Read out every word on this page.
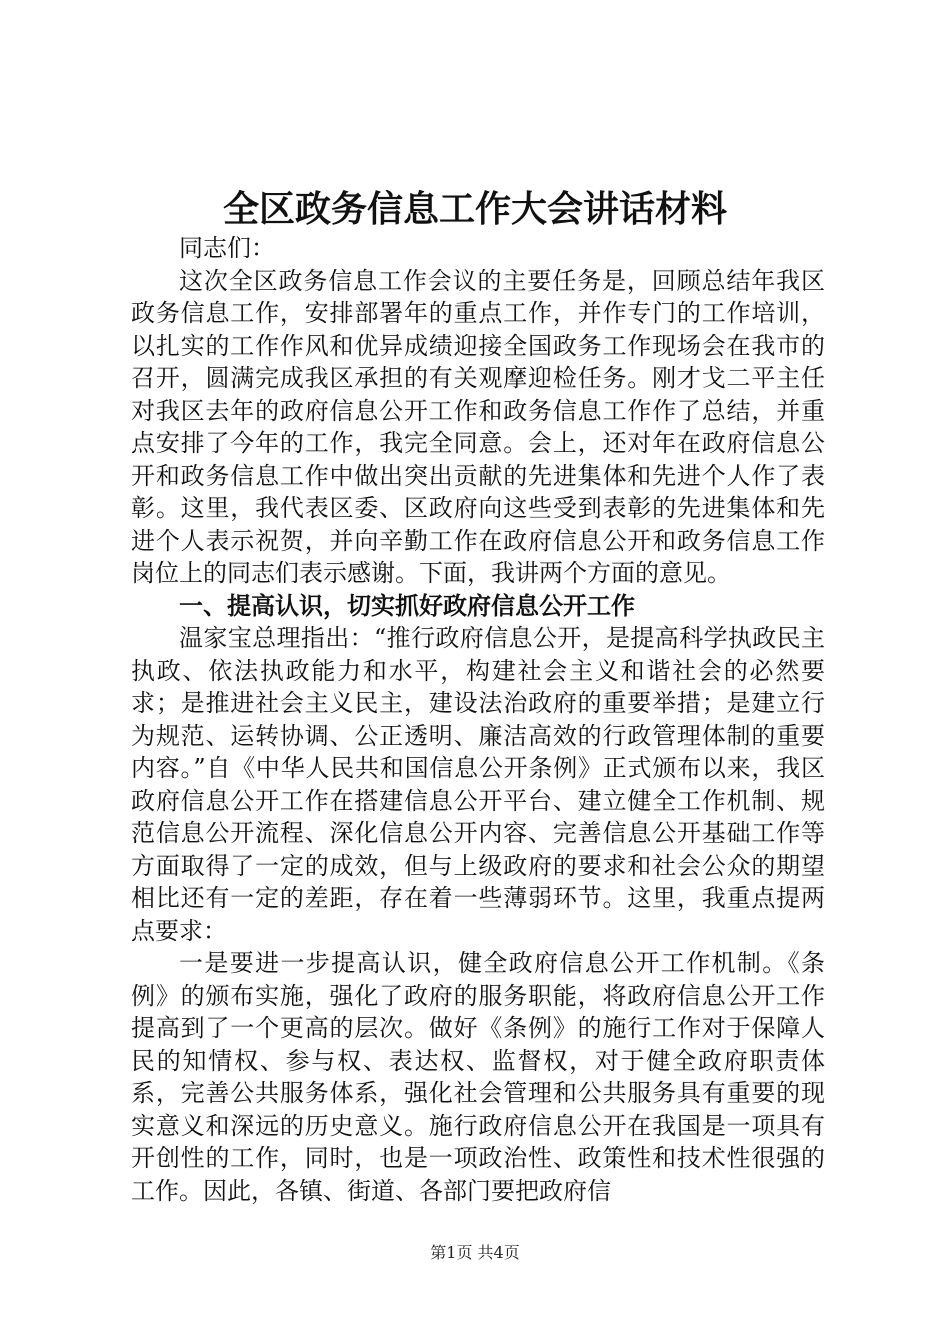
全区政务信息工作大会讲话材料

同志们：

这次全区政务信息工作会议的主要任务是，回顾总结年我区政务信息工作，安排部署年的重点工作，并作专门的工作培训，以扎实的工作作风和优异成绩迎接全国政务工作现场会在我市的召开，圆满完成我区承担的有关观摩迎检任务。刚才戈二平主任对我区去年的政府信息公开工作和政务信息工作作了总结，并重点安排了今年的工作，我完全同意。会上，还对年在政府信息公开和政务信息工作中做出突出贡献的先进集体和先进个人作了表彰。这里，我代表区委、区政府向这些受到表彰的先进集体和先进个人表示祝贺，并向辛勤工作在政府信息公开和政务信息工作岗位上的同志们表示感谢。下面，我讲两个方面的意见。

一、提高认识，切实抓好政府信息公开工作

温家宝总理指出：“推行政府信息公开，是提高科学执政民主执政、依法执政能力和水平，构建社会主义和谐社会的必然要求；是推进社会主义民主，建设法治政府的重要举措；是建立行为规范、运转协调、公正透明、廉洁高效的行政管理体制的重要内容。”自《中华人民共和国信息公开条例》正式颁布以来，我区政府信息公开工作在搭建信息公开平台、建立健全工作机制、规范信息公开流程、深化信息公开内容、完善信息公开基础工作等方面取得了一定的成效，但与上级政府的要求和社会公众的期望相比还有一定的差距，存在着一些薄弱环节。这里，我重点提两点要求：

一是要进一步提高认识，健全政府信息公开工作机制。《条例》的颁布实施，强化了政府的服务职能，将政府信息公开工作提高到了一个更高的层次。做好《条例》的施行工作对于保障人民的知情权、参与权、表达权、监督权，对于健全政府职责体系，完善公共服务体系，强化社会管理和公共服务具有重要的现实意义和深远的历史意义。施行政府信息公开在我国是一项具有开创性的工作，同时，也是一项政治性、政策性和技术性很强的工作。因此，各镇、街道、各部门要把政府信

第1页 共4页
